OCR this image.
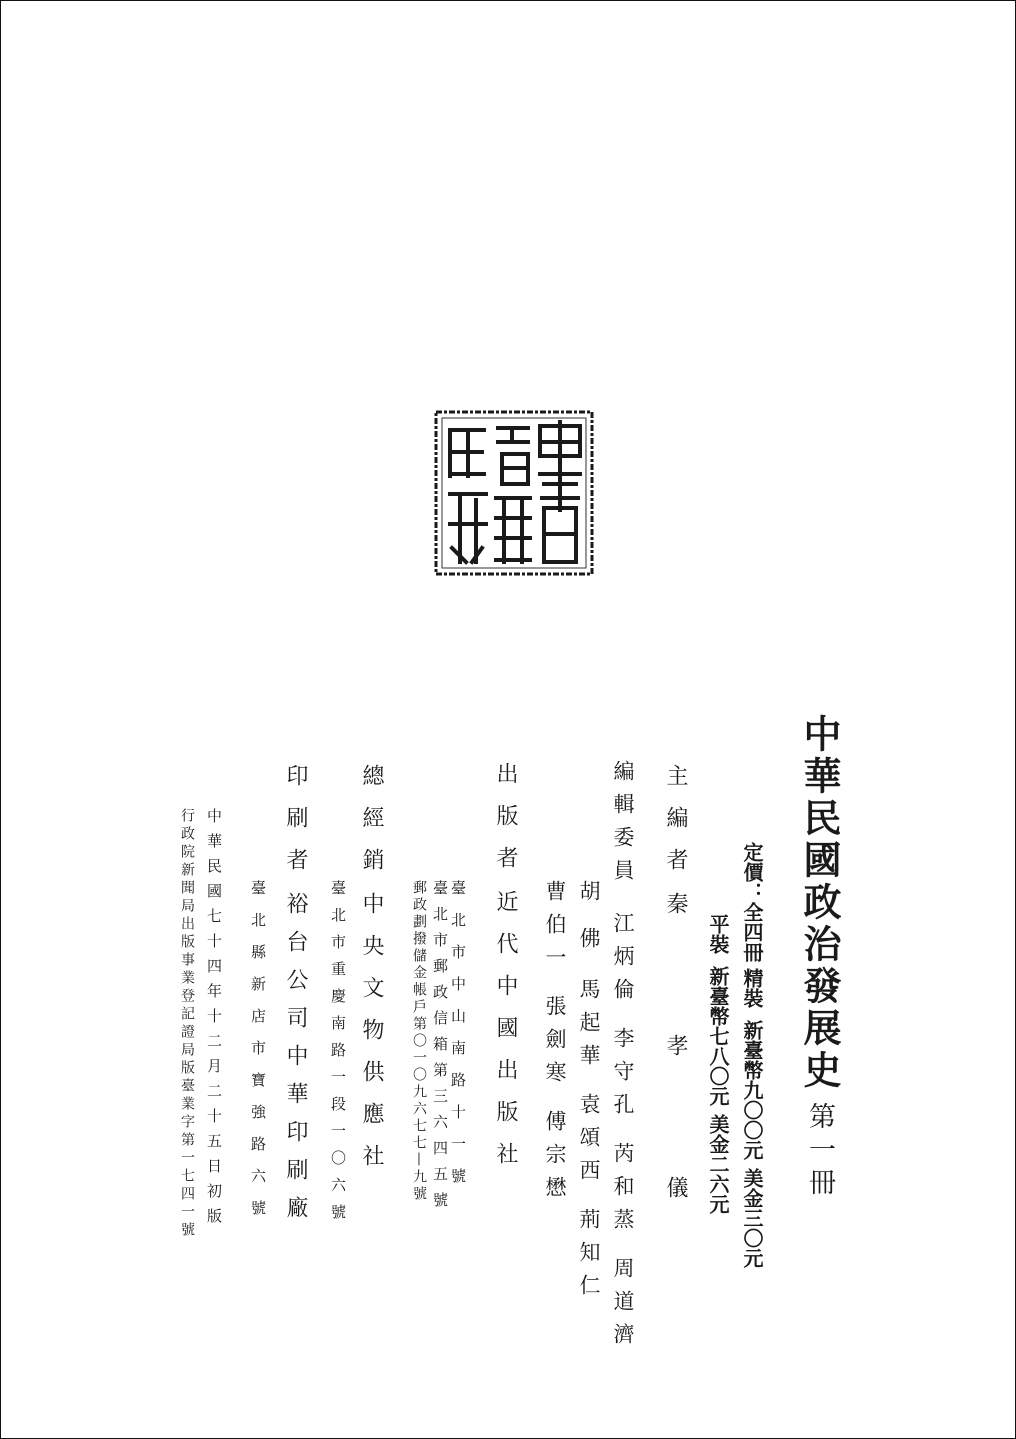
中華民國政治發展史第一冊
定價：全四冊精裝新臺幣九〇〇元美金三〇元
平裝新臺幣七八〇元美金二六元
主編者秦孝儀
編輯委員江炳倫李守孔芮和蒸周道濟
胡佛馬起華袁頌西荊知仁
曹伯一張劍寒傅宗懋
出版者近代中國出版社
臺北市中山南路十一號
臺北市郵政信箱第三六四五號
郵政劃撥儲金帳戶第〇一〇九六七七—九號
總經銷中央文物供應社
臺北市重慶南路一段一〇六號
印刷者裕台公司中華印刷廠
臺北縣新店市寶強路六號
中華民國七十四年十二月二十五日初版
行政院新聞局出版事業登記證局版臺業字第一七四一號
